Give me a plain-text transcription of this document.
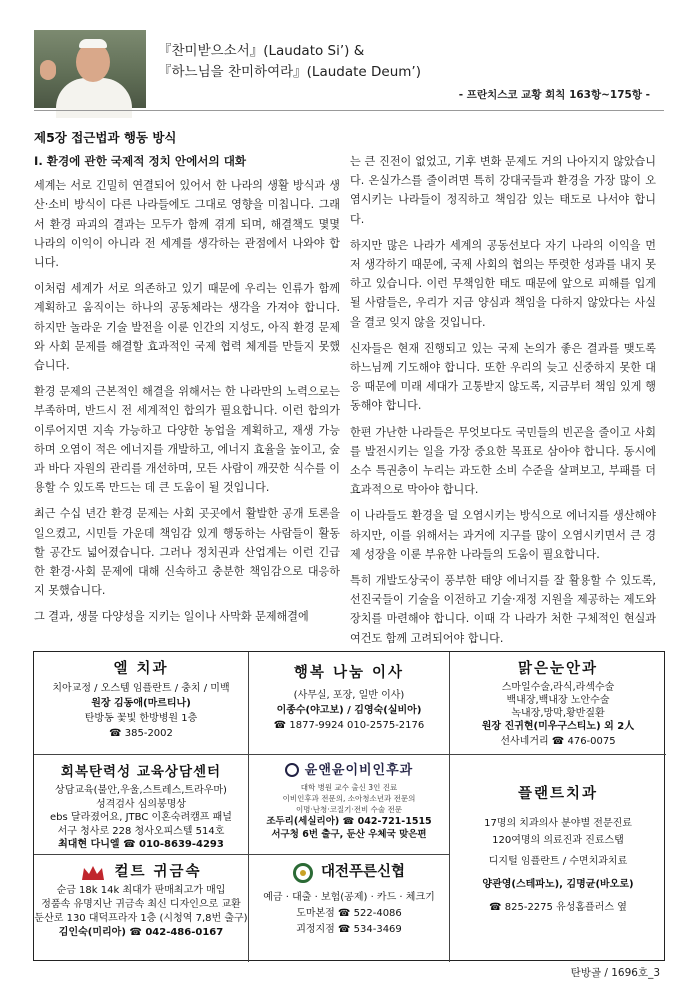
『찬미받으소서』(Laudato Si’) &
『하느님을 찬미하여라』(Laudate Deum’)
- 프란치스코 교황 회칙 163항~175항 -
제5장 접근법과 행동 방식
Ⅰ. 환경에 관한 국제적 정치 안에서의 대화

세계는 서로 긴밀히 연결되어 있어서 한 나라의 생활 방식과 생산·소비 방식이 다른 나라들에도 그대로 영향을 미칩니다. 그래서 환경 파괴의 결과는 모두가 함께 겪게 되며, 해결책도 몇몇 나라의 이익이 아니라 전 세계를 생각하는 관점에서 나와야 합니다.

이처럼 세계가 서로 의존하고 있기 때문에 우리는 인류가 함께 계획하고 움직이는 하나의 공동체라는 생각을 가져야 합니다. 하지만 놀라운 기술 발전을 이룬 인간의 지성도, 아직 환경 문제와 사회 문제를 해결할 효과적인 국제 협력 체계를 만들지 못했습니다.

환경 문제의 근본적인 해결을 위해서는 한 나라만의 노력으로는 부족하며, 반드시 전 세계적인 합의가 필요합니다. 이런 합의가 이루어지면 지속 가능하고 다양한 농업을 계획하고, 재생 가능하며 오염이 적은 에너지를 개발하고, 에너지 효율을 높이고, 숲과 바다 자원의 관리를 개선하며, 모든 사람이 깨끗한 식수를 이용할 수 있도록 만드는 데 큰 도움이 될 것입니다.

최근 수십 년간 환경 문제는 사회 곳곳에서 활발한 공개 토론을 일으켰고, 시민들 가운데 책임감 있게 행동하는 사람들이 활동할 공간도 넓어졌습니다. 그러나 정치권과 산업계는 이런 긴급한 환경·사회 문제에 대해 신속하고 충분한 책임감으로 대응하지 못했습니다.

그 결과, 생물 다양성을 지키는 일이나 사막화 문제해결에

는 큰 진전이 없었고, 기후 변화 문제도 거의 나아지지 않았습니다. 온실가스를 줄이려면 특히 강대국들과 환경을 가장 많이 오염시키는 나라들이 정직하고 책임감 있는 태도로 나서야 합니다.

하지만 많은 나라가 세계의 공동선보다 자기 나라의 이익을 먼저 생각하기 때문에, 국제 사회의 협의는 뚜렷한 성과를 내지 못하고 있습니다. 이런 무책임한 태도 때문에 앞으로 피해를 입게 될 사람들은, 우리가 지금 양심과 책임을 다하지 않았다는 사실을 결코 잊지 않을 것입니다.

신자들은 현재 진행되고 있는 국제 논의가 좋은 결과를 맺도록 하느님께 기도해야 합니다. 또한 우리의 늦고 신중하지 못한 대응 때문에 미래 세대가 고통받지 않도록, 지금부터 책임 있게 행동해야 합니다.

한편 가난한 나라들은 무엇보다도 국민들의 빈곤을 줄이고 사회를 발전시키는 일을 가장 중요한 목표로 삼아야 합니다. 동시에 소수 특권층이 누리는 과도한 소비 수준을 살펴보고, 부패를 더 효과적으로 막아야 합니다.

이 나라들도 환경을 덜 오염시키는 방식으로 에너지를 생산해야 하지만, 이를 위해서는 과거에 지구를 많이 오염시키면서 큰 경제 성장을 이룬 부유한 나라들의 도움이 필요합니다.

특히 개발도상국이 풍부한 태양 에너지를 잘 활용할 수 있도록, 선진국들이 기술을 이전하고 기술·재정 지원을 제공하는 제도와 장치를 마련해야 합니다. 이때 각 나라가 처한 구체적인 현실과 여건도 함께 고려되어야 합니다.

엘 치과
치아교정 / 오스템 임플란트 / 충치 / 미백
원장 김동애(마르티나)
탄방동 꽃빛 한방병원 1층
☎ 385-2002
행복 나눔 이사
(사무실, 포장, 일반 이사)
이종수(야고보) / 김영숙(실비아)
☎ 1877-9924 010-2575-2176
맑은눈안과
스마일수술,라식,라섹수술
백내장,백내장 노안수술
녹내장,망막,황반질환
원장 진귀현(미우구스티노) 외 2人
선사네거리 ☎ 476-0075
회복탄력성 교육상담센터
상담교육(불안,우울,스트레스,트라우마)
성격검사 심의봉명상
ebs 달라졌어요, JTBC 이혼숙려캠프 패널
서구 청사로 228 청사오피스텔 514호
최대현 다니엘 ☎ 010-8639-4293
윤앤윤이비인후과
대학 병원 교수 출신 3인 진료
이비인후과 전문의, 소아청소년과 전문의
이명·난청·코질기·전비 수술 전문
조두리(세실리아) ☎ 042-721-1515
서구청 6번 출구, 둔산 우체국 맞은편
플랜트치과
17명의 치과의사 분야별 전문진료
120여명의 의료진과 진료스탭
디지털 임플란트 / 수면치과치료
양관영(스테파노), 김명균(바오로)
☎ 825-2275 유성홈플러스 옆
컬트 귀금속
순금 18k 14k 최대가 판매최고가 매입
정품속 유명지난 귀금속 최신 디자인으로 교환
둔산로 130 대덕프라자 1층 (시청역 7,8번 출구)
김인숙(미리아) ☎ 042-486-0167
대전푸른신협
예금 · 대출 · 보험(공제) · 카드 · 체크기
도마본점 ☎ 522-4086
괴정지점 ☎ 534-3469
탄방골 / 1696호_3
